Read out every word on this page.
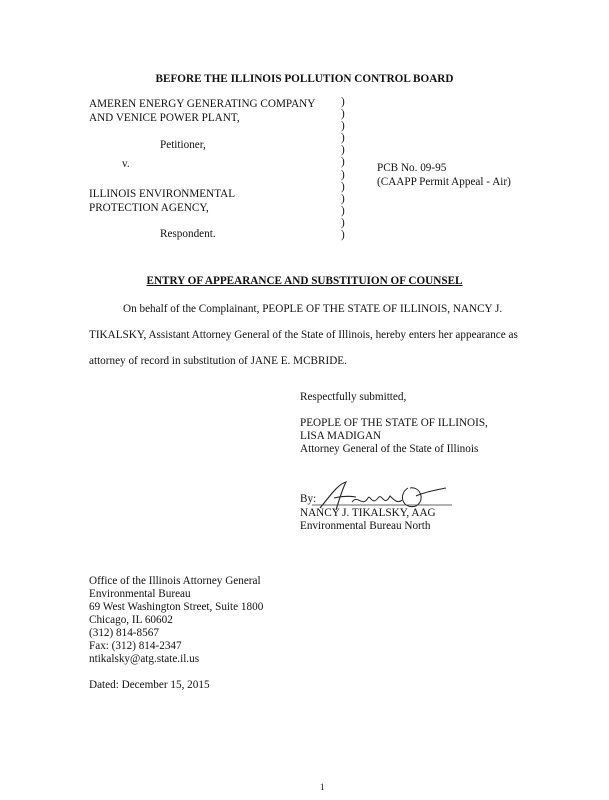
BEFORE THE ILLINOIS POLLUTION CONTROL BOARD
AMEREN ENERGY GENERATING COMPANY
AND VENICE POWER PLANT,
Petitioner,
v.
ILLINOIS ENVIRONMENTAL
PROTECTION AGENCY,
Respondent.
)
)
)
)
)
)
)
)
)
)
)
)
PCB No. 09-95
(CAAPP Permit Appeal - Air)
ENTRY OF APPEARANCE AND SUBSTITUION OF COUNSEL
On behalf of the Complainant, PEOPLE OF THE STATE OF ILLINOIS, NANCY J.
TIKALSKY, Assistant Attorney General of the State of Illinois, hereby enters her appearance as
attorney of record in substitution of JANE E. MCBRIDE.
Respectfully submitted,
PEOPLE OF THE STATE OF ILLINOIS,
LISA MADIGAN
Attorney General of the State of Illinois
By:
NANCY J. TIKALSKY, AAG
Environmental Bureau North
Office of the Illinois Attorney General
Environmental Bureau
69 West Washington Street, Suite 1800
Chicago, IL 60602
(312) 814-8567
Fax: (312) 814-2347
ntikalsky@atg.state.il.us
Dated: December 15, 2015
1
